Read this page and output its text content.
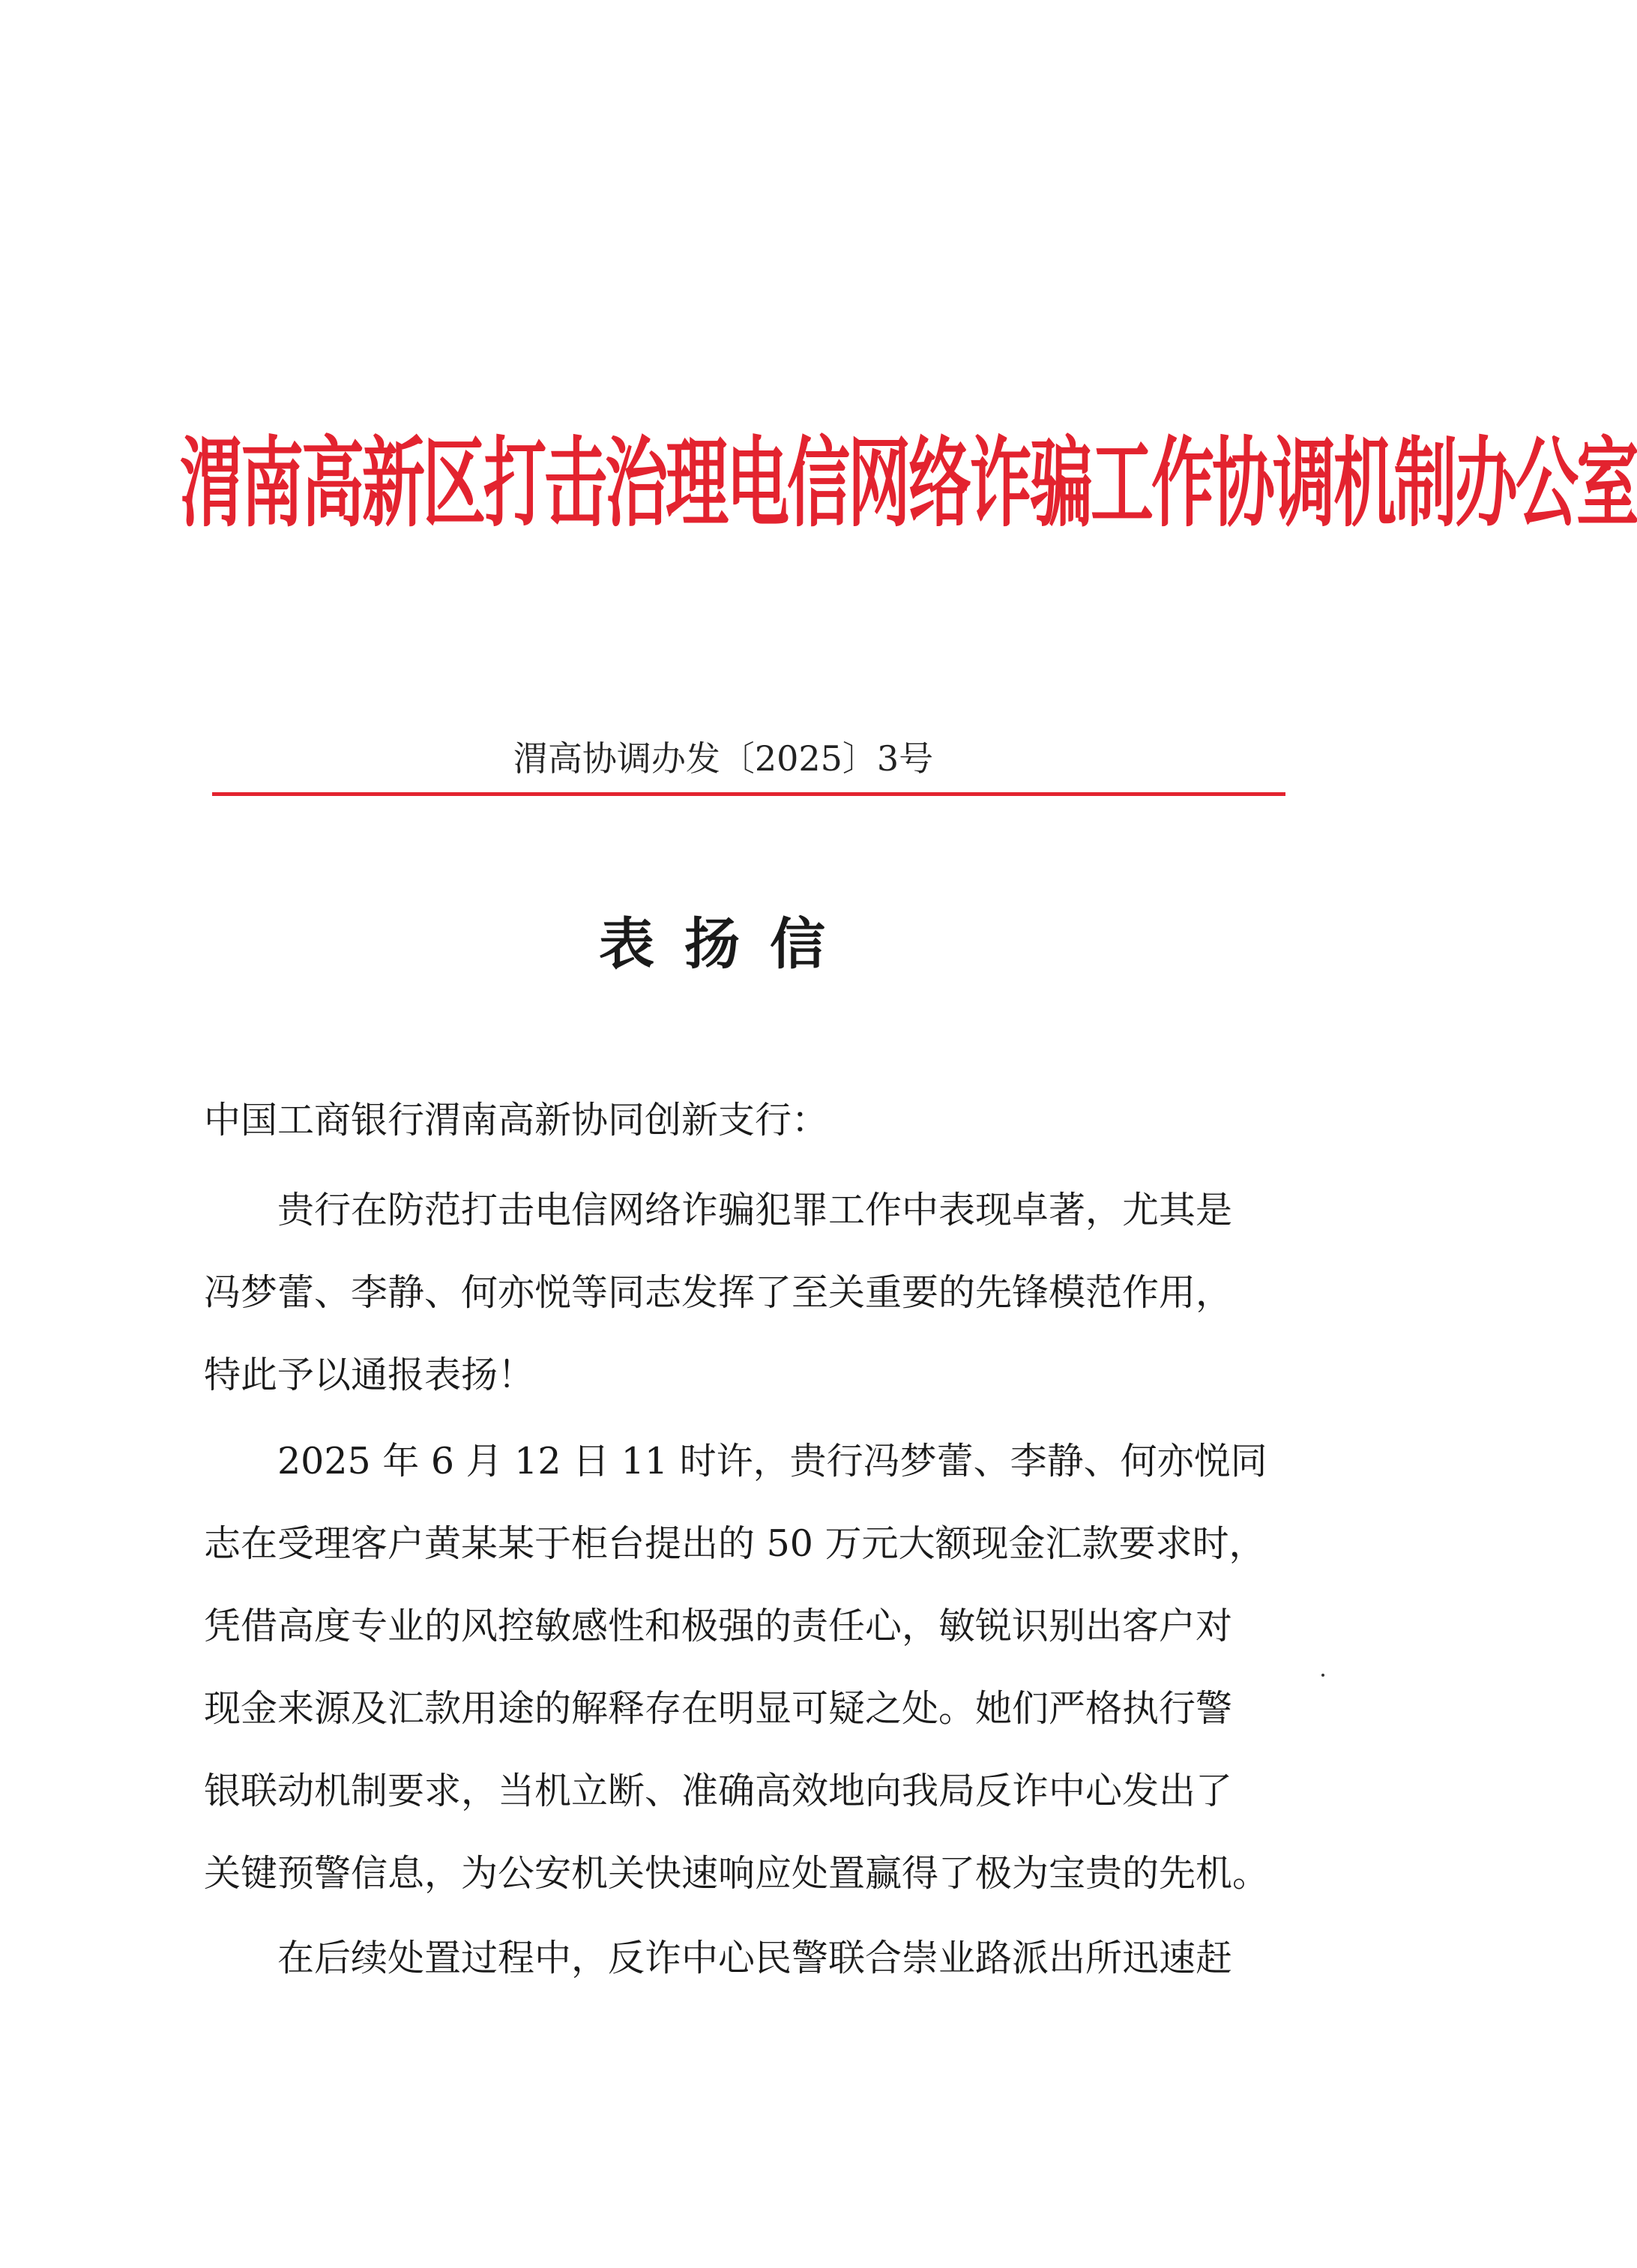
渭南高新区打击治理电信网络诈骗工作协调机制办公室
渭高协调办发〔2025〕3号
表扬信
中国工商银行渭南高新协同创新支行：
贵行在防范打击电信网络诈骗犯罪工作中表现卓著，尤其是
冯梦蕾、李静、何亦悦等同志发挥了至关重要的先锋模范作用，
特此予以通报表扬！
2025 年 6 月 12 日 11 时许，贵行冯梦蕾、李静、何亦悦同
志在受理客户黄某某于柜台提出的 50 万元大额现金汇款要求时，
凭借高度专业的风控敏感性和极强的责任心，敏锐识别出客户对
现金来源及汇款用途的解释存在明显可疑之处。她们严格执行警
银联动机制要求，当机立断、准确高效地向我局反诈中心发出了
关键预警信息，为公安机关快速响应处置赢得了极为宝贵的先机。
在后续处置过程中，反诈中心民警联合崇业路派出所迅速赶
